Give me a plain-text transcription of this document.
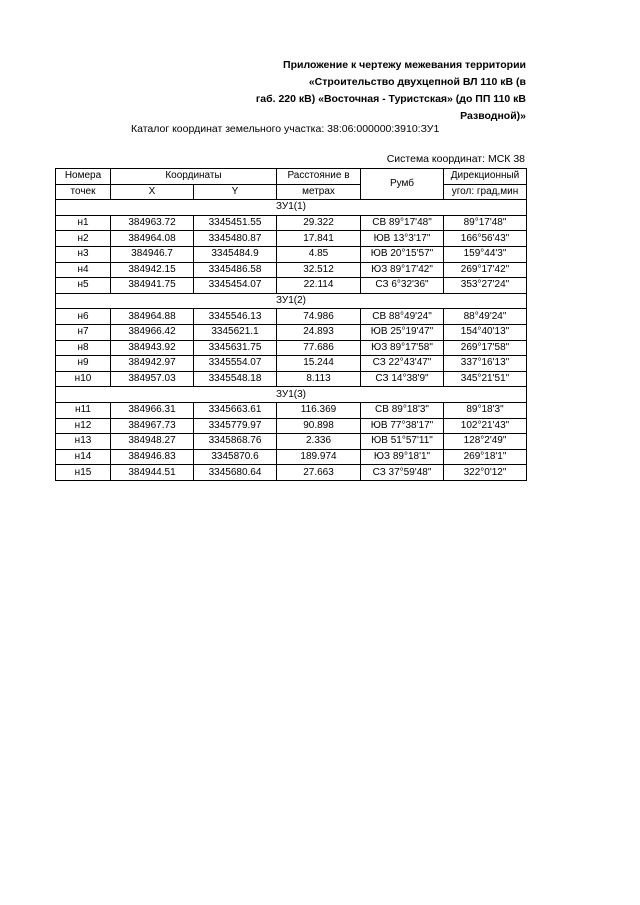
Приложение к чертежу межевания территории
«Строительство двухцепной ВЛ 110 кВ (в
габ. 220 кВ) «Восточная - Туристская» (до ПП 110 кВ
Разводной)»
Каталог координат земельного участка: 38:06:000000:3910:ЗУ1
Система координат: МСК 38
Номера	Координаты		Расстояние в	Румб	Дирекционный
точек	X	Y	метрах		угол: град,мин
ЗУ1(1)					
н1	384963.72	3345451.55	29.322	СВ 89°17'48"	89°17'48"
н2	384964.08	3345480.87	17.841	ЮВ 13°3'17"	166°56'43"
н3	384946.7	3345484.9	4.85	ЮВ 20°15'57"	159°44'3"
н4	384942.15	3345486.58	32.512	ЮЗ 89°17'42"	269°17'42"
н5	384941.75	3345454.07	22.114	СЗ 6°32'36"	353°27'24"
ЗУ1(2)					
н6	384964.88	3345546.13	74.986	СВ 88°49'24"	88°49'24"
н7	384966.42	3345621.1	24.893	ЮВ 25°19'47"	154°40'13"
н8	384943.92	3345631.75	77.686	ЮЗ 89°17'58"	269°17'58"
н9	384942.97	3345554.07	15.244	СЗ 22°43'47"	337°16'13"
н10	384957.03	3345548.18	8.113	СЗ 14°38'9"	345°21'51"
ЗУ1(3)					
н11	384966.31	3345663.61	116.369	СВ 89°18'3"	89°18'3"
н12	384967.73	3345779.97	90.898	ЮВ 77°38'17"	102°21'43"
н13	384948.27	3345868.76	2.336	ЮВ 51°57'11"	128°2'49"
н14	384946.83	3345870.6	189.974	ЮЗ 89°18'1"	269°18'1"
н15	384944.51	3345680.64	27.663	СЗ 37°59'48"	322°0'12"
